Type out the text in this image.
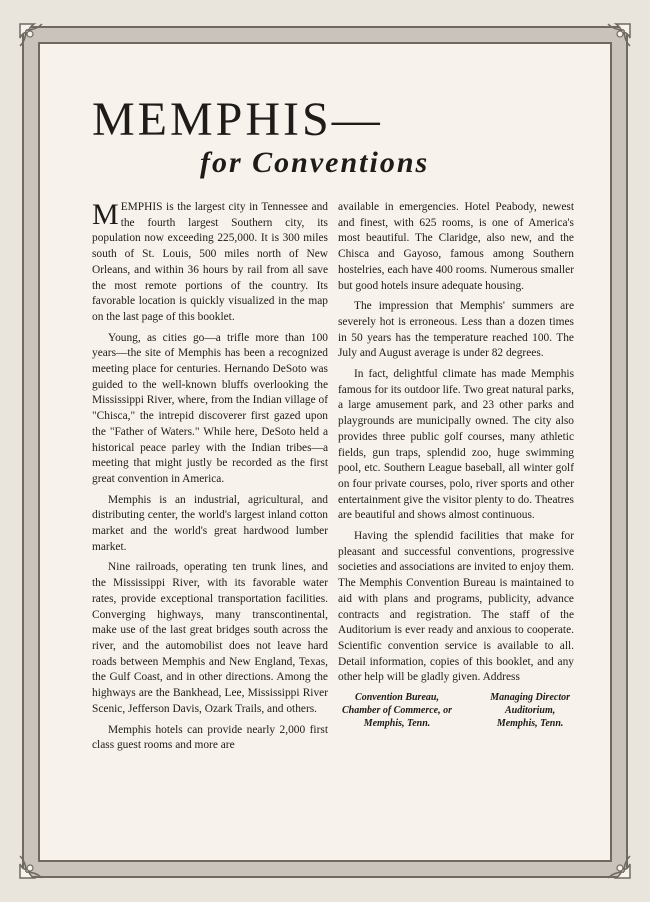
MEMPHIS—
for Conventions

MEMPHIS is the largest city in Tennessee and the fourth largest Southern city, its population now exceeding 225,000. It is 300 miles south of St. Louis, 500 miles north of New Orleans, and within 36 hours by rail from all save the most remote portions of the country. Its favorable location is quickly visualized in the map on the last page of this booklet.

Young, as cities go—a trifle more than 100 years—the site of Memphis has been a recognized meeting place for centuries. Hernando DeSoto was guided to the well-known bluffs overlooking the Mississippi River, where, from the Indian village of "Chisca," the intrepid discoverer first gazed upon the "Father of Waters." While here, DeSoto held a historical peace parley with the Indian tribes—a meeting that might justly be recorded as the first great convention in America.

Memphis is an industrial, agricultural, and distributing center, the world's largest inland cotton market and the world's great hardwood lumber market.

Nine railroads, operating ten trunk lines, and the Mississippi River, with its favorable water rates, provide exceptional transportation facilities. Converging highways, many transcontinental, make use of the last great bridges south across the river, and the automobilist does not leave hard roads between Memphis and New England, Texas, the Gulf Coast, and in other directions. Among the highways are the Bankhead, Lee, Mississippi River Scenic, Jefferson Davis, Ozark Trails, and others.

Memphis hotels can provide nearly 2,000 first class guest rooms and more are

available in emergencies. Hotel Peabody, newest and finest, with 625 rooms, is one of America's most beautiful. The Claridge, also new, and the Chisca and Gayoso, famous among Southern hostelries, each have 400 rooms. Numerous smaller but good hotels insure adequate housing.

The impression that Memphis' summers are severely hot is erroneous. Less than a dozen times in 50 years has the temperature reached 100. The July and August average is under 82 degrees.

In fact, delightful climate has made Memphis famous for its outdoor life. Two great natural parks, a large amusement park, and 23 other parks and playgrounds are municipally owned. The city also provides three public golf courses, many athletic fields, gun traps, splendid zoo, huge swimming pool, etc. Southern League baseball, all winter golf on four private courses, polo, river sports and other entertainment give the visitor plenty to do. Theatres are beautiful and shows almost continuous.

Having the splendid facilities that make for pleasant and successful conventions, progressive societies and associations are invited to enjoy them. The Memphis Convention Bureau is maintained to aid with plans and programs, publicity, advance contracts and registration. The staff of the Auditorium is ever ready and anxious to cooperate. Scientific convention service is available to all. Detail information, copies of this booklet, and any other help will be gladly given. Address

Convention Bureau,
Chamber of Commerce, or
Memphis, Tenn.
Managing Director
Auditorium,
Memphis, Tenn.
